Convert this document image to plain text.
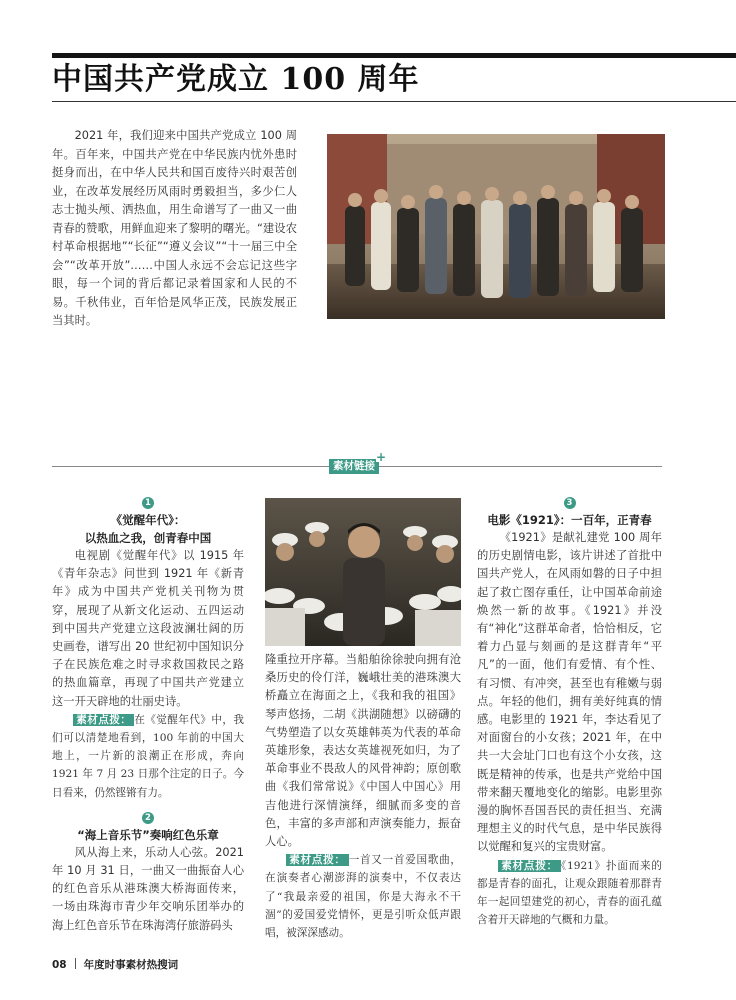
中国共产党成立 100 周年

2021 年，我们迎来中国共产党成立 100 周年。百年来，中国共产党在中华民族内忧外患时挺身而出，在中华人民共和国百废待兴时艰苦创业，在改革发展经历风雨时勇毅担当，多少仁人志士抛头颅、洒热血，用生命谱写了一曲又一曲青春的赞歌，用鲜血迎来了黎明的曙光。“建设农村革命根据地”“长征”“遵义会议”“十一届三中全会”“改革开放”……中国人永远不会忘记这些字眼，每一个词的背后都记录着国家和人民的不易。千秋伟业，百年恰是风华正茂，民族发展正当其时。

素材链接
+
1

《觉醒年代》：

以热血之我，创青春中国

电视剧《觉醒年代》以 1915 年《青年杂志》问世到 1921 年《新青年》成为中国共产党机关刊物为贯穿，展现了从新文化运动、五四运动到中国共产党建立这段波澜壮阔的历史画卷，谱写出 20 世纪初中国知识分子在民族危难之时寻求救国救民之路的热血篇章，再现了中国共产党建立这一开天辟地的壮丽史诗。

素材点拨： 在《觉醒年代》中，我们可以清楚地看到，100 年前的中国大地上，一片新的浪潮正在形成，奔向 1921 年 7 月 23 日那个注定的日子。今日看来，仍然铿锵有力。

2

“海上音乐节”奏响红色乐章

风从海上来，乐动人心弦。2021 年 10 月 31 日，一曲又一曲振奋人心的红色音乐从港珠澳大桥海面传来，一场由珠海市青少年交响乐团举办的海上红色音乐节在珠海湾仔旅游码头

隆重拉开序幕。当船舶徐徐驶向拥有沧桑历史的伶仃洋，巍峨壮美的港珠澳大桥矗立在海面之上，《我和我的祖国》琴声悠扬，二胡《洪湖随想》以磅礴的气势塑造了以女英雄韩英为代表的革命英雄形象，表达女英雄视死如归，为了革命事业不畏敌人的风骨神韵；原创歌曲《我们常常说》《中国人中国心》用吉他进行深情演绎，细腻而多变的音色，丰富的多声部和声演奏能力，振奋人心。

素材点拨： 一首又一首爱国歌曲，在演奏者心潮澎湃的演奏中，不仅表达了“我最亲爱的祖国，你是大海永不干涸”的爱国爱党情怀，更是引听众低声跟唱，被深深感动。

3

电影《1921》：一百年，正青春

《1921》是献礼建党 100 周年的历史剧情电影，该片讲述了首批中国共产党人，在风雨如磐的日子中担起了救亡图存重任，让中国革命前途焕然一新的故事。《1921》并没有“神化”这群革命者，恰恰相反，它着力凸显与刻画的是这群青年“平凡”的一面，他们有爱情、有个性、有习惯、有冲突，甚至也有稚嫩与弱点。年轻的他们，拥有美好纯真的情感。电影里的 1921 年，李达看见了对面窗台的小女孩；2021 年，在中共一大会址门口也有这个小女孩，这既是精神的传承，也是共产党给中国带来翻天覆地变化的缩影。电影里弥漫的胸怀吾国吾民的责任担当、充满理想主义的时代气息，是中华民族得以觉醒和复兴的宝贵财富。

素材点拨： 《1921》扑面而来的都是青春的面孔，让观众跟随着那群青年一起回望建党的初心，青春的面孔蕴含着开天辟地的气概和力量。

08 年度时事素材热搜词
